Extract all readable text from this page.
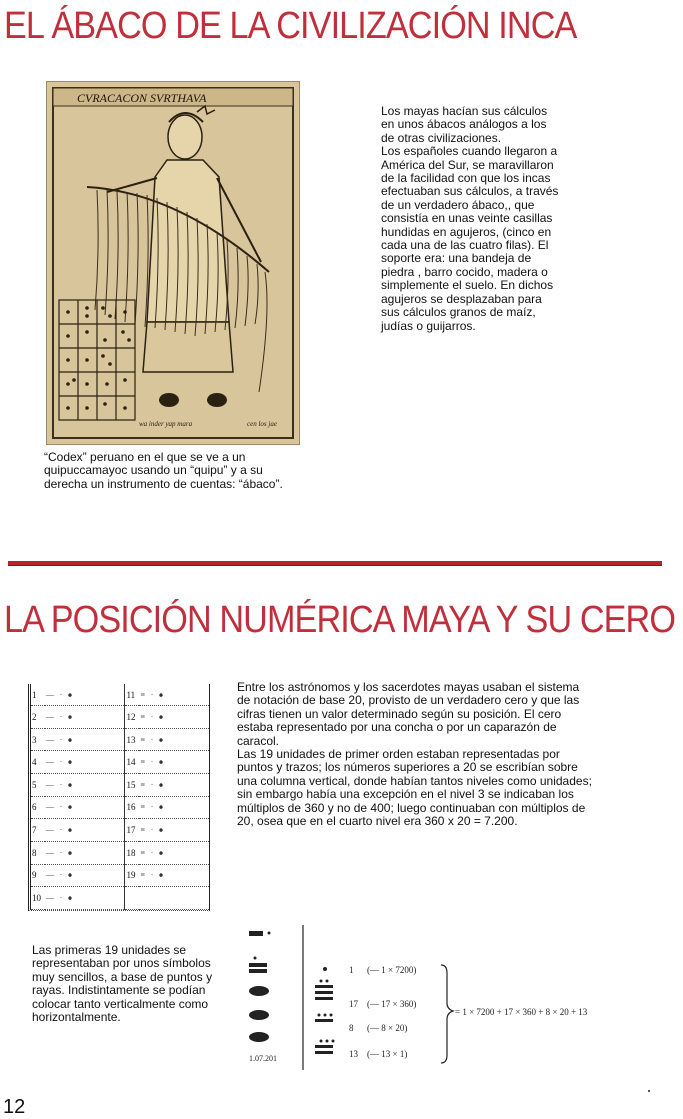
EL ÁBACO DE LA CIVILIZACIÓN INCA
CVRACACON SVRTHAVA
wa inder yap mara	cen los jae
Los mayas hacían sus cálculos en unos ábacos análogos a los de otras civilizaciones.
Los españoles cuando llegaron a América del Sur, se maravillaron de la facilidad con que los incas efectuaban sus cálculos, a través de un verdadero ábaco,, que consistía en unas veinte casillas hundidas en agujeros, (cinco en cada una de las cuatro filas). El soporte era: una bandeja de piedra , barro cocido, madera o simplemente el suelo. En dichos agujeros se desplazaban para sus cálculos granos de maíz, judías o guijarros.
“Codex” peruano en el que se ve a un quipuccamayoc usando un “quipu” y a su derecha un instrumento de cuentas: “ábaco”.
LA POSICIÓN NUMÉRICA MAYA Y SU CERO
1	— ∙ ⦁	11	≡ ∙ ⦁
2	— ∙ ⦁	12	≡ ∙ ⦁
3	— ∙ ⦁	13	≡ ∙ ⦁
4	— ∙ ⦁	14	≡ ∙ ⦁
5	— ∙ ⦁	15	≡ ∙ ⦁
6	— ∙ ⦁	16	≡ ∙ ⦁
7	— ∙ ⦁	17	≡ ∙ ⦁
8	— ∙ ⦁	18	≡ ∙ ⦁
9	— ∙ ⦁	19	≡ ∙ ⦁
10	— ∙ ⦁		
Entre los astrónomos y los sacerdotes mayas usaban el sistema de notación de base 20, provisto de un verdadero cero y que las cifras tienen un valor determinado según su posición. El cero estaba representado por una concha o por un caparazón de caracol.
Las 19 unidades de primer orden estaban representadas por puntos y trazos; los números superiores a 20 se escribían sobre una columna vertical, donde habían tantos niveles como unidades; sin embargo había una excepción en el nivel 3 se indicaban los múltiplos de 360 y no de 400; luego continuaban con múltiplos de 20, osea que en el cuarto nivel era 360 x 20 = 7.200.
Las primeras 19 unidades se representaban por unos símbolos muy sencillos, a base de puntos y rayas. Indistintamente se podían colocar tanto verticalmente como horizontalmente.
1 (— 1 × 7200)
17 (— 17 × 360)
8 (— 8 × 20)
13 (— 13 × 1)
= 1 × 7200 + 17 × 360 + 8 × 20 + 13
1.07.201
12
